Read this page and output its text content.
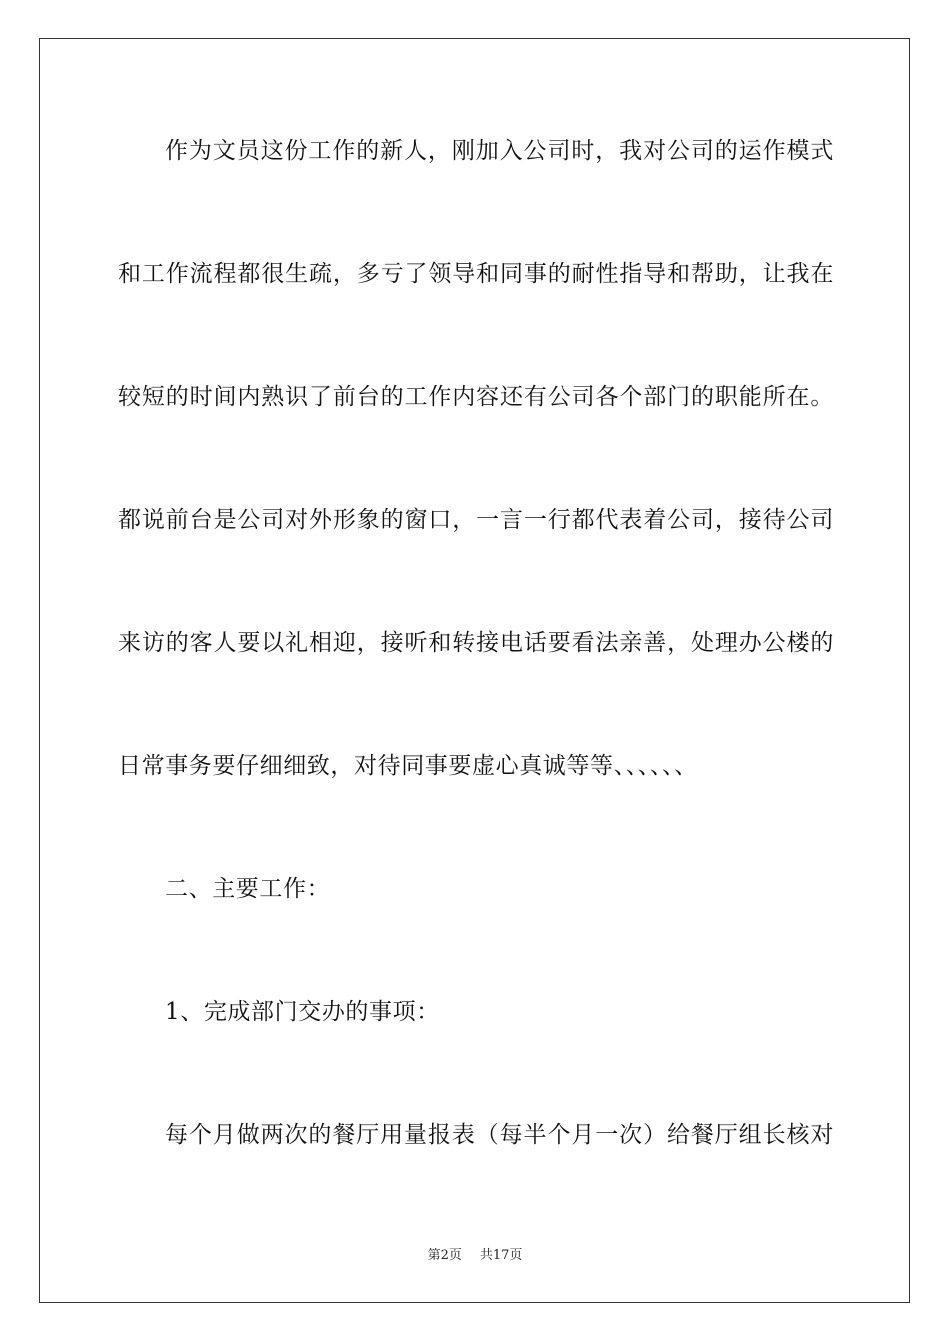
作为文员这份工作的新人，刚加入公司时，我对公司的运作模式
和工作流程都很生疏，多亏了领导和同事的耐性指导和帮助，让我在
较短的时间内熟识了前台的工作内容还有公司各个部门的职能所在。
都说前台是公司对外形象的窗口，一言一行都代表着公司，接待公司
来访的客人要以礼相迎，接听和转接电话要看法亲善，处理办公楼的
日常事务要仔细细致，对待同事要虚心真诚等等、、、、、、
二、主要工作：
1、完成部门交办的事项：
每个月做两次的餐厅用量报表（每半个月一次）给餐厅组长核对
第2页 共17页
